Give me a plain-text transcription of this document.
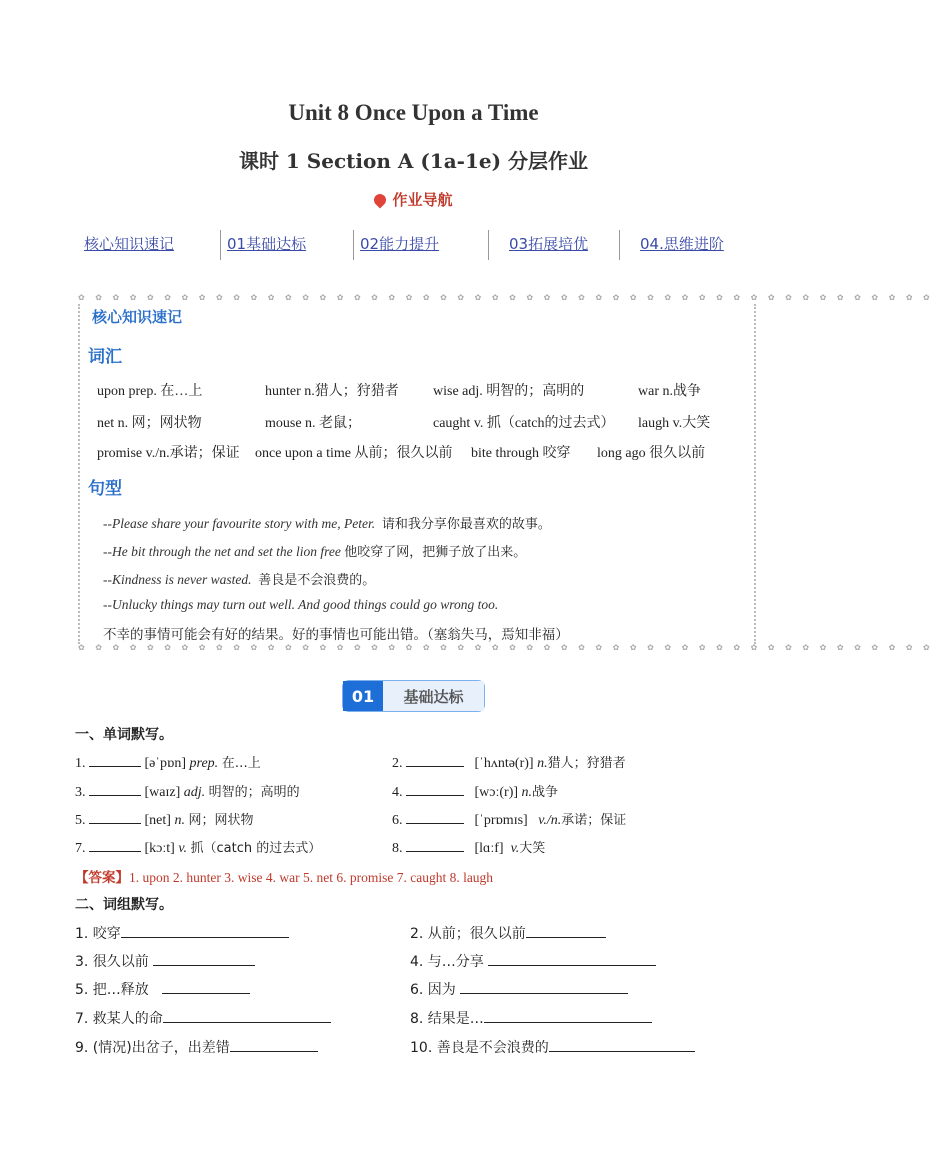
Unit 8 Once Upon a Time
课时 1 Section A (1a-1e) 分层作业
作业导航
核心知识速记	01基础达标	02能力提升	03拓展培优	04.思维进阶
✿ ✿ ✿ ✿ ✿ ✿ ✿ ✿ ✿ ✿ ✿ ✿ ✿ ✿ ✿ ✿ ✿ ✿ ✿ ✿ ✿ ✿ ✿ ✿ ✿ ✿ ✿ ✿ ✿ ✿ ✿ ✿ ✿ ✿ ✿ ✿ ✿ ✿ ✿ ✿ ✿ ✿ ✿ ✿ ✿ ✿ ✿ ✿ ✿ ✿
✿ ✿ ✿ ✿ ✿ ✿ ✿ ✿ ✿ ✿ ✿ ✿ ✿ ✿ ✿ ✿ ✿ ✿ ✿ ✿ ✿ ✿ ✿ ✿ ✿ ✿ ✿ ✿ ✿ ✿ ✿ ✿ ✿ ✿ ✿ ✿ ✿ ✿ ✿ ✿ ✿ ✿ ✿ ✿ ✿ ✿ ✿ ✿ ✿ ✿
核心知识速记
词汇
upon prep. 在…上	hunter n.猎人；狩猎者 wise adj. 明智的；高明的	war n.战争
net n. 网；网状物	mouse n. 老鼠；	caught v. 抓（catch的过去式） laugh v.大笑
promise v./n.承诺；保证 once upon a time 从前；很久以前 bite through 咬穿 long ago 很久以前
句型
--Please share your favourite story with me, Peter. 请和我分享你最喜欢的故事。
--He bit through the net and set the lion free 他咬穿了网，把狮子放了出来。
--Kindness is never wasted. 善良是不会浪费的。
--Unlucky things may turn out well. And good things could go wrong too.
不幸的事情可能会有好的结果。好的事情也可能出错。（塞翁失马，焉知非福）
01	基础达标
一、单词默写。
1.	[əˈpɒn] prep. 在…上	2.	[ˈhʌntə(r)] n.猎人；狩猎者
3.	[waɪz] adj. 明智的；高明的	4.	[wɔː(r)] n.战争
5.	[net] n. 网；网状物	6.	[ˈprɒmɪs] v./n.承诺；保证
7.	[kɔːt] v. 抓（catch 的过去式）	8.	[lɑːf] v.大笑
【答案】1. upon 2. hunter 3. wise 4. war 5. net 6. promise 7. caught 8. laugh
二、词组默写。
1. 咬穿	2. 从前；很久以前
3. 很久以前	4. 与…分享
5. 把…释放	6. 因为
7. 救某人的命	8. 结果是…
9. (情况)出岔子，出差错	10. 善良是不会浪费的
